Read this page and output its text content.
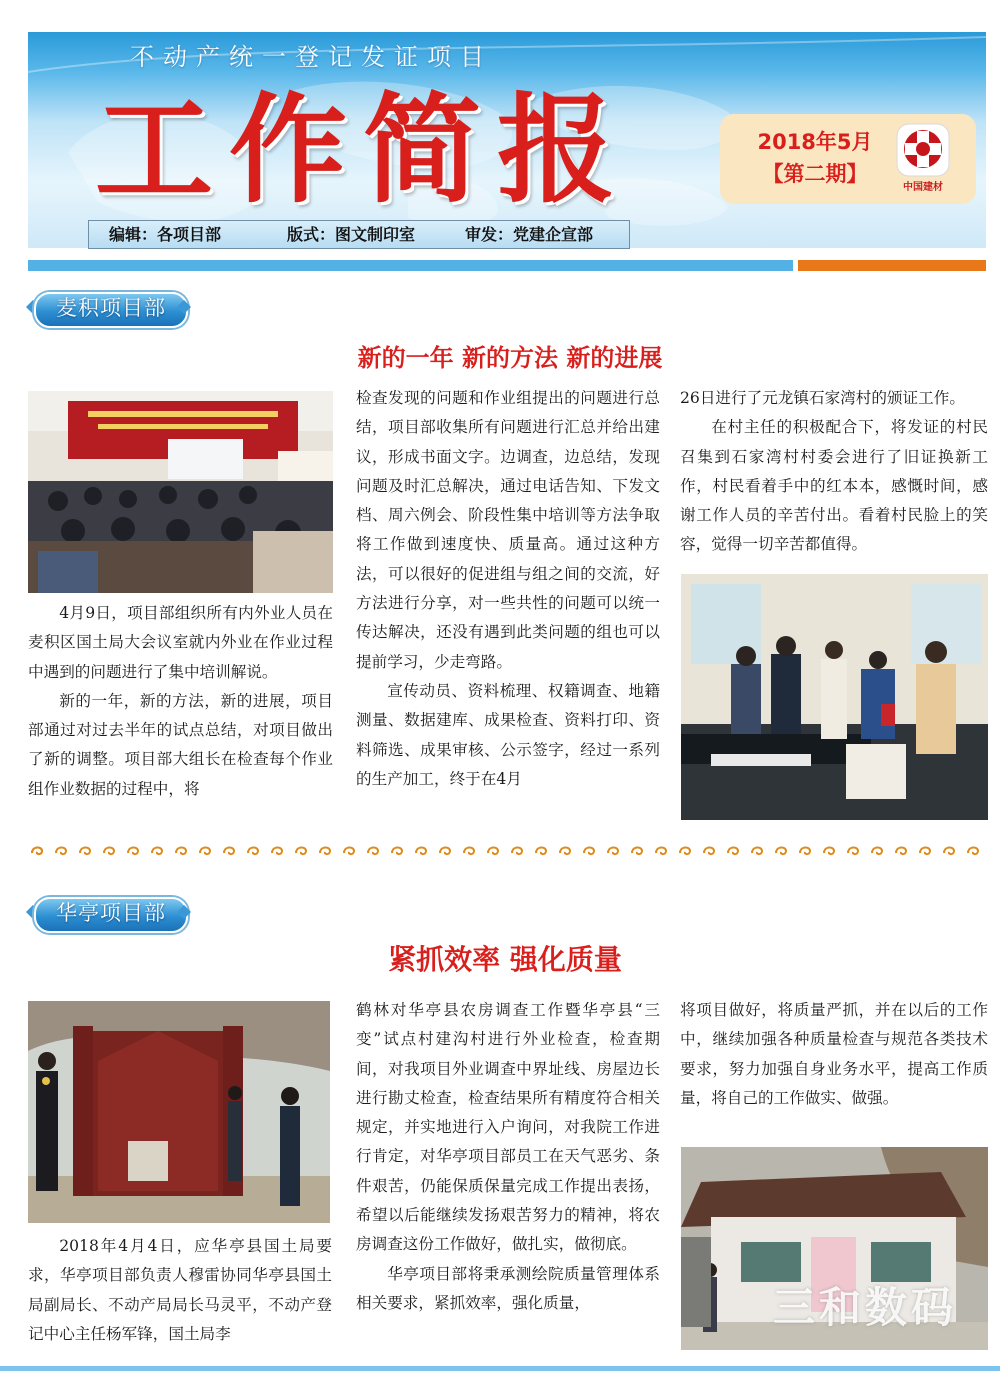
不动产统一登记发证项目
工作简报	2018年5月
【第二期】
中国建材
编辑：各项目部	版式：图文制印室	审发：党建企宣部
麦积项目部
新的一年 新的方法 新的进展

4月9日，项目部组织所有内外业人员在麦积区国土局大会议室就内外业在作业过程中遇到的问题进行了集中培训解说。

新的一年，新的方法，新的进展，项目部通过对过去半年的试点总结，对项目做出了新的调整。项目部大组长在检查每个作业组作业数据的过程中，将

检查发现的问题和作业组提出的问题进行总结，项目部收集所有问题进行汇总并给出建议，形成书面文字。边调查，边总结，发现问题及时汇总解决，通过电话告知、下发文档、周六例会、阶段性集中培训等方法争取将工作做到速度快、质量高。通过这种方法，可以很好的促进组与组之间的交流，好方法进行分享，对一些共性的问题可以统一传达解决，还没有遇到此类问题的组也可以提前学习，少走弯路。

宣传动员、资料梳理、权籍调查、地籍测量、数据建库、成果检查、资料打印、资料筛选、成果审核、公示签字，经过一系列的生产加工，终于在4月

26日进行了元龙镇石家湾村的颁证工作。

在村主任的积极配合下，将发证的村民召集到石家湾村村委会进行了旧证换新工作，村民看着手中的红本本，感慨时间，感谢工作人员的辛苦付出。看着村民脸上的笑容，觉得一切辛苦都值得。

华亭项目部
紧抓效率 强化质量

2018年4月4日，应华亭县国土局要求，华亭项目部负责人穆雷协同华亭县国土局副局长、不动产局局长马灵平，不动产登记中心主任杨军锋，国土局李

鹤林对华亭县农房调查工作暨华亭县“三变”试点村建沟村进行外业检查，检查期间，对我项目外业调查中界址线、房屋边长进行勘丈检查，检查结果所有精度符合相关规定，并实地进行入户询问，对我院工作进行肯定，对华亭项目部员工在天气恶劣、条件艰苦，仍能保质保量完成工作提出表扬，希望以后能继续发扬艰苦努力的精神，将农房调查这份工作做好，做扎实，做彻底。

华亭项目部将秉承测绘院质量管理体系相关要求，紧抓效率，强化质量，

将项目做好，将质量严抓，并在以后的工作中，继续加强各种质量检查与规范各类技术要求，努力加强自身业务水平，提高工作质量，将自己的工作做实、做强。

三和数码
